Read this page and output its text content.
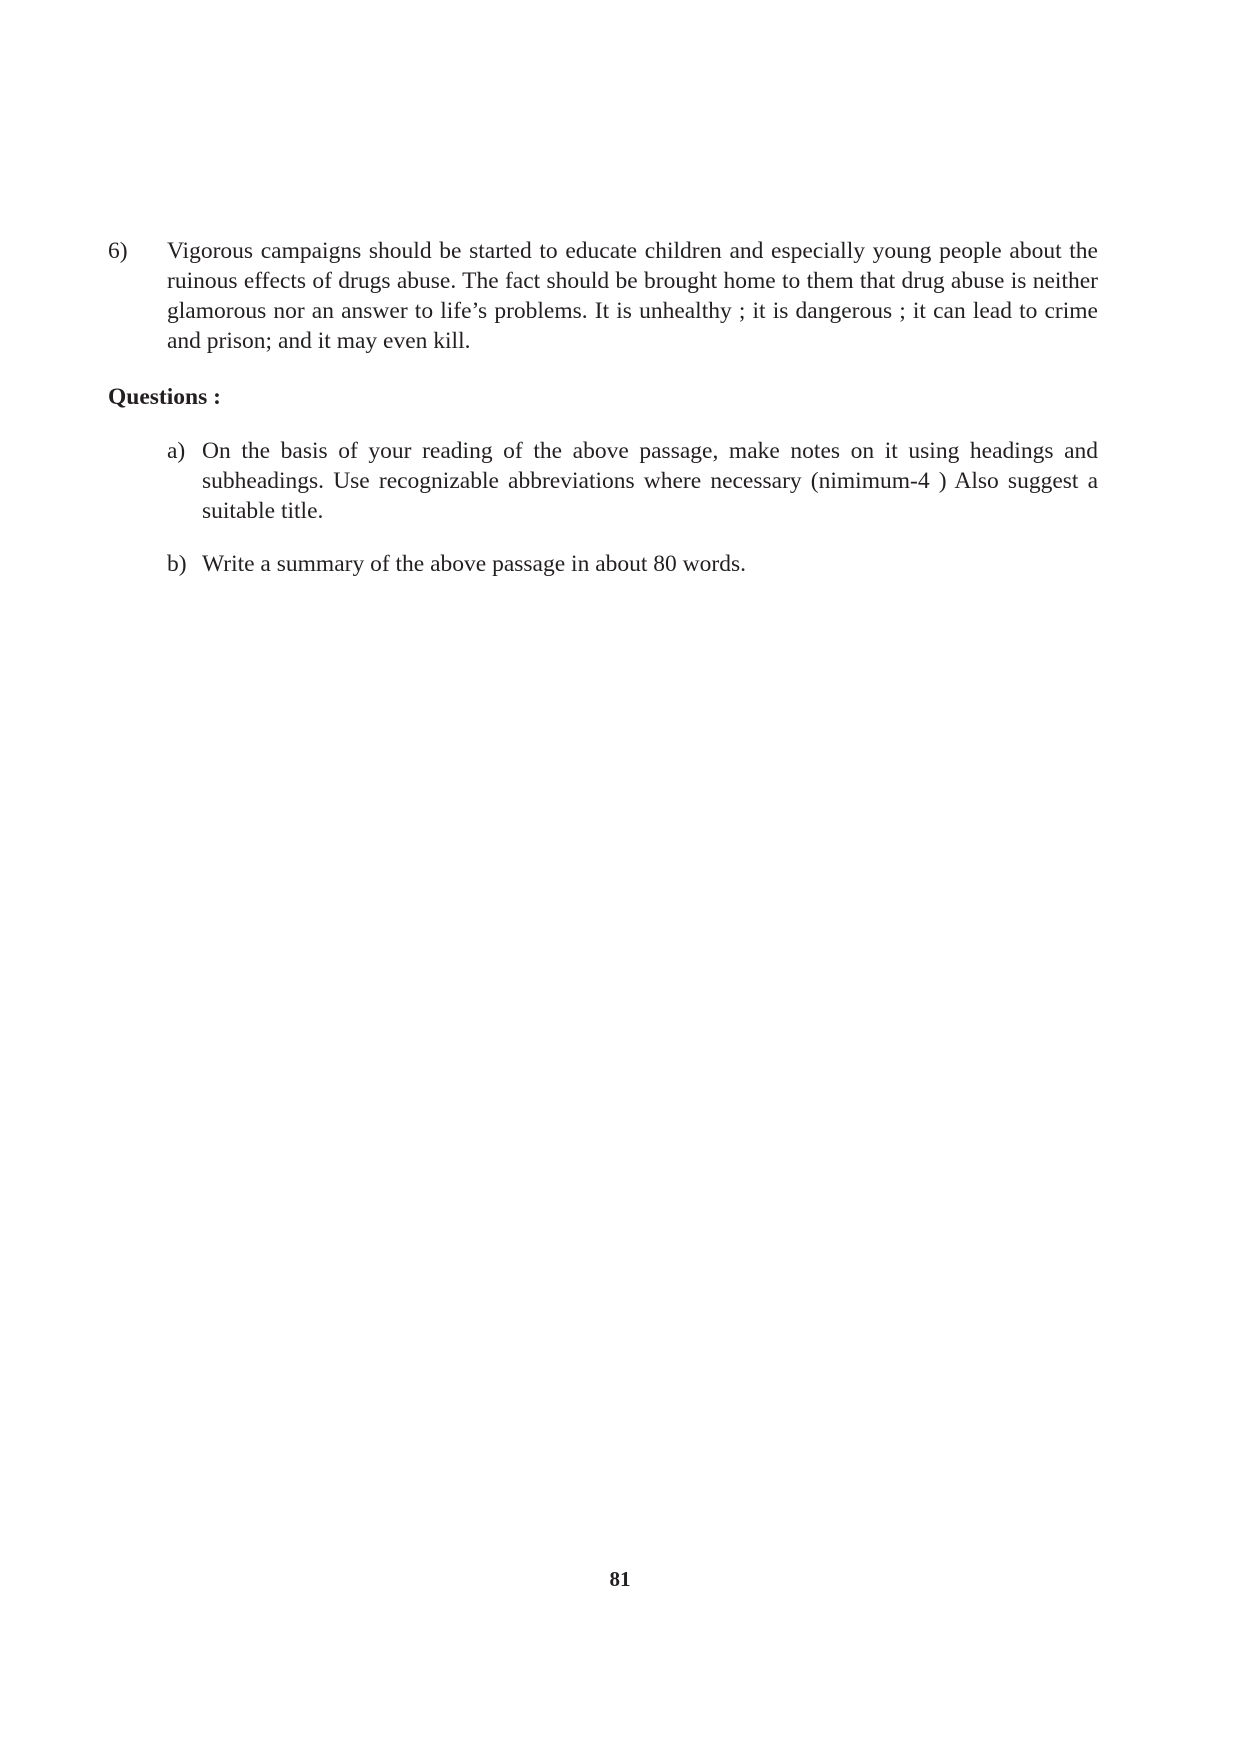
6)	Vigorous campaigns should be started to educate children and especially young people about the ruinous effects of drugs abuse. The fact should be brought home to them that drug abuse is neither glamorous nor an answer to life’s problems. It is unhealthy ; it is dangerous ; it can lead to crime and prison; and it may even kill.
Questions :
a) On the basis of your reading of the above passage, make notes on it using headings and subheadings. Use recognizable abbreviations where necessary (nimimum-4 ) Also suggest a suitable title.
b) Write a summary of the above passage in about 80 words.
81
